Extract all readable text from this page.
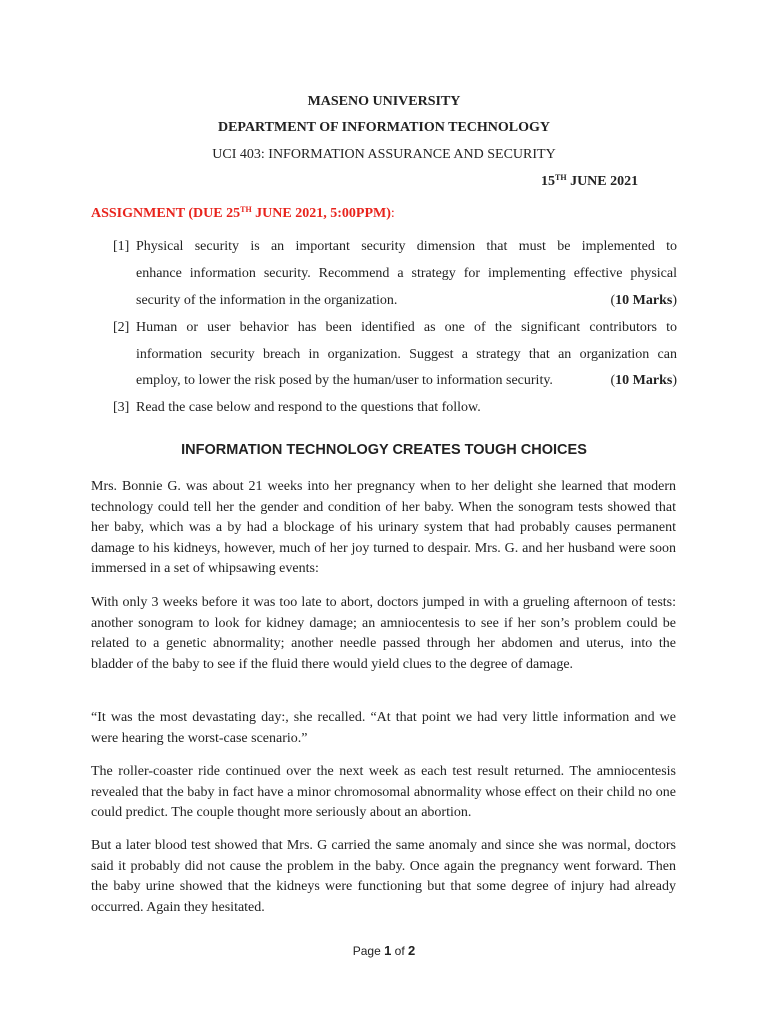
MASENO UNIVERSITY
DEPARTMENT OF INFORMATION TECHNOLOGY
UCI 403: INFORMATION ASSURANCE AND SECURITY
15TH JUNE 2021
ASSIGNMENT (DUE 25TH JUNE 2021, 5:00PPM):
[1] Physical security is an important security dimension that must be implemented to
enhance information security. Recommend a strategy for implementing effective physical
security of the information in the organization.	(10 Marks)
[2] Human or user behavior has been identified as one of the significant contributors to
information security breach in organization. Suggest a strategy that an organization can
employ, to lower the risk posed by the human/user to information security.	(10 Marks)
[3] Read the case below and respond to the questions that follow.
INFORMATION TECHNOLOGY CREATES TOUGH CHOICES

Mrs. Bonnie G. was about 21 weeks into her pregnancy when to her delight she learned that modern technology could tell her the gender and condition of her baby. When the sonogram tests showed that her baby, which was a by had a blockage of his urinary system that had probably causes permanent damage to his kidneys, however, much of her joy turned to despair. Mrs. G. and her husband were soon immersed in a set of whipsawing events:

With only 3 weeks before it was too late to abort, doctors jumped in with a grueling afternoon of tests: another sonogram to look for kidney damage; an amniocentesis to see if her son’s problem could be related to a genetic abnormality; another needle passed through her abdomen and uterus, into the bladder of the baby to see if the fluid there would yield clues to the degree of damage.

“It was the most devastating day:, she recalled. “At that point we had very little information and we were hearing the worst-case scenario.”

The roller-coaster ride continued over the next week as each test result returned. The amniocentesis revealed that the baby in fact have a minor chromosomal abnormality whose effect on their child no one could predict. The couple thought more seriously about an abortion.

But a later blood test showed that Mrs. G carried the same anomaly and since she was normal, doctors said it probably did not cause the problem in the baby. Once again the pregnancy went forward. Then the baby urine showed that the kidneys were functioning but that some degree of injury had already occurred. Again they hesitated.

Page 1 of 2
